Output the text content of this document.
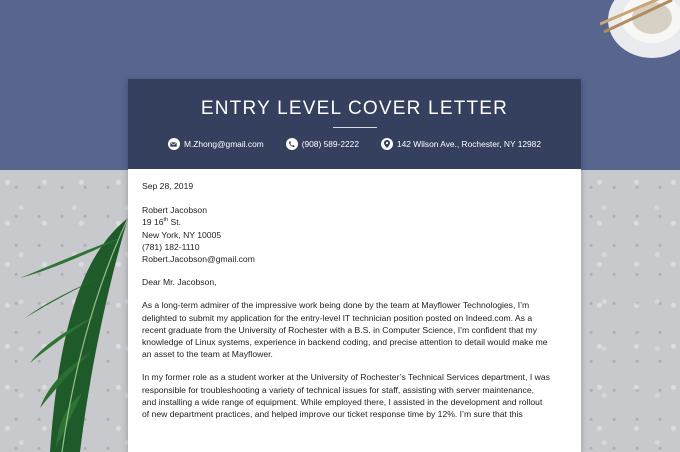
ENTRY LEVEL COVER LETTER
M.Zhong@gmail.com	(908) 589-2222	142 Wilson Ave., Rochester, NY 12982
Sep 28, 2019
Robert Jacobson
19 16th St.
New York, NY 10005
(781) 182-1110
Robert.Jacobson@gmail.com
Dear Mr. Jacobson,
As a long-term admirer of the impressive work being done by the team at Mayflower Technologies, I’m
delighted to submit my application for the entry-level IT technician position posted on Indeed.com. As a
recent graduate from the University of Rochester with a B.S. in Computer Science, I’m confident that my
knowledge of Linux systems, experience in backend coding, and precise attention to detail would make me
an asset to the team at Mayflower.
In my former role as a student worker at the University of Rochester’s Technical Services department, I was
responsible for troubleshooting a variety of technical issues for staff, assisting with server maintenance,
and installing a wide range of equipment. While employed there, I assisted in the development and rollout
of new department practices, and helped improve our ticket response time by 12%. I’m sure that this
